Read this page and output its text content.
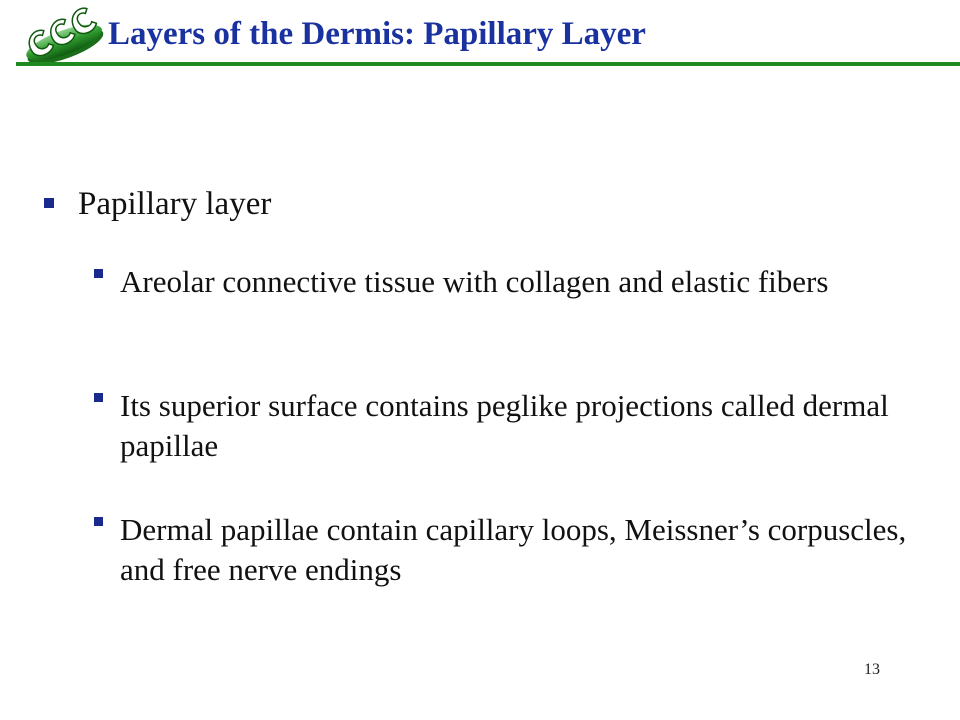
Layers of the Dermis: Papillary Layer
Papillary layer
Areolar connective tissue with collagen and elastic fibers
Its superior surface contains peglike projections called dermal papillae
Dermal papillae contain capillary loops, Meissner’s corpuscles, and free nerve endings
13
